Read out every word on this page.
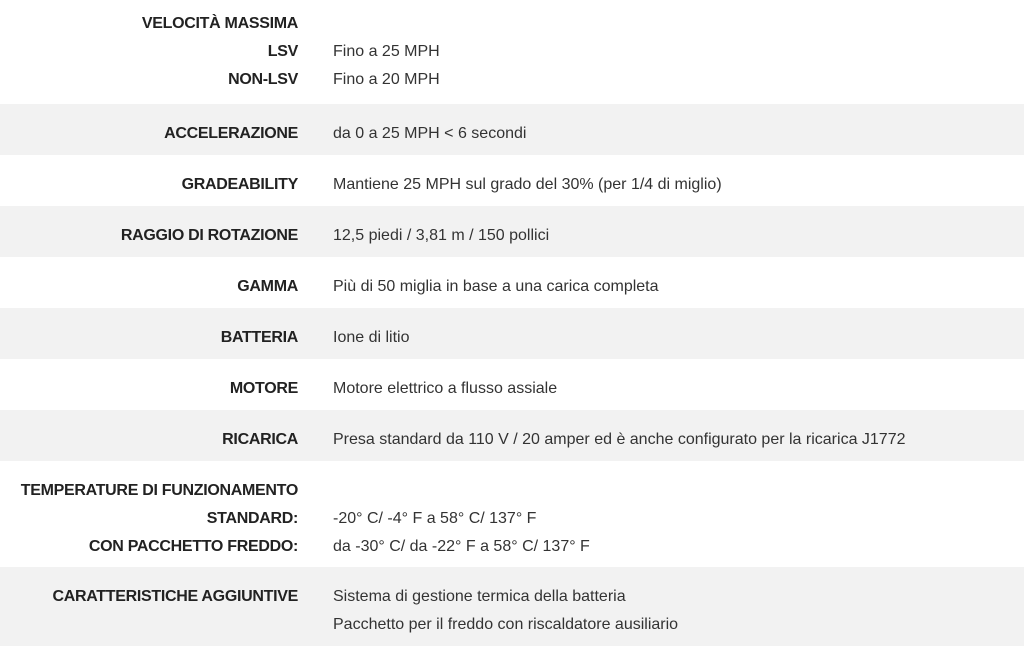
VELOCITÀ MASSIMA
LSV
NON-LSV
Fino a 25 MPH
Fino a 20 MPH
ACCELERAZIONE da 0 a 25 MPH < 6 secondi
GRADEABILITY Mantiene 25 MPH sul grado del 30% (per 1/4 di miglio)
RAGGIO DI ROTAZIONE 12,5 piedi / 3,81 m / 150 pollici
GAMMA Più di 50 miglia in base a una carica completa
BATTERIA Ione di litio
MOTORE Motore elettrico a flusso assiale
RICARICA Presa standard da 110 V / 20 amper ed è anche configurato per la ricarica J1772
TEMPERATURE DI FUNZIONAMENTO
STANDARD:
CON PACCHETTO FREDDO:
-20° C/ -4° F a 58° C/ 137° F
da -30° C/ da -22° F a 58° C/ 137° F
CARATTERISTICHE AGGIUNTIVE Sistema di gestione termica della batteria
Pacchetto per il freddo con riscaldatore ausiliario
